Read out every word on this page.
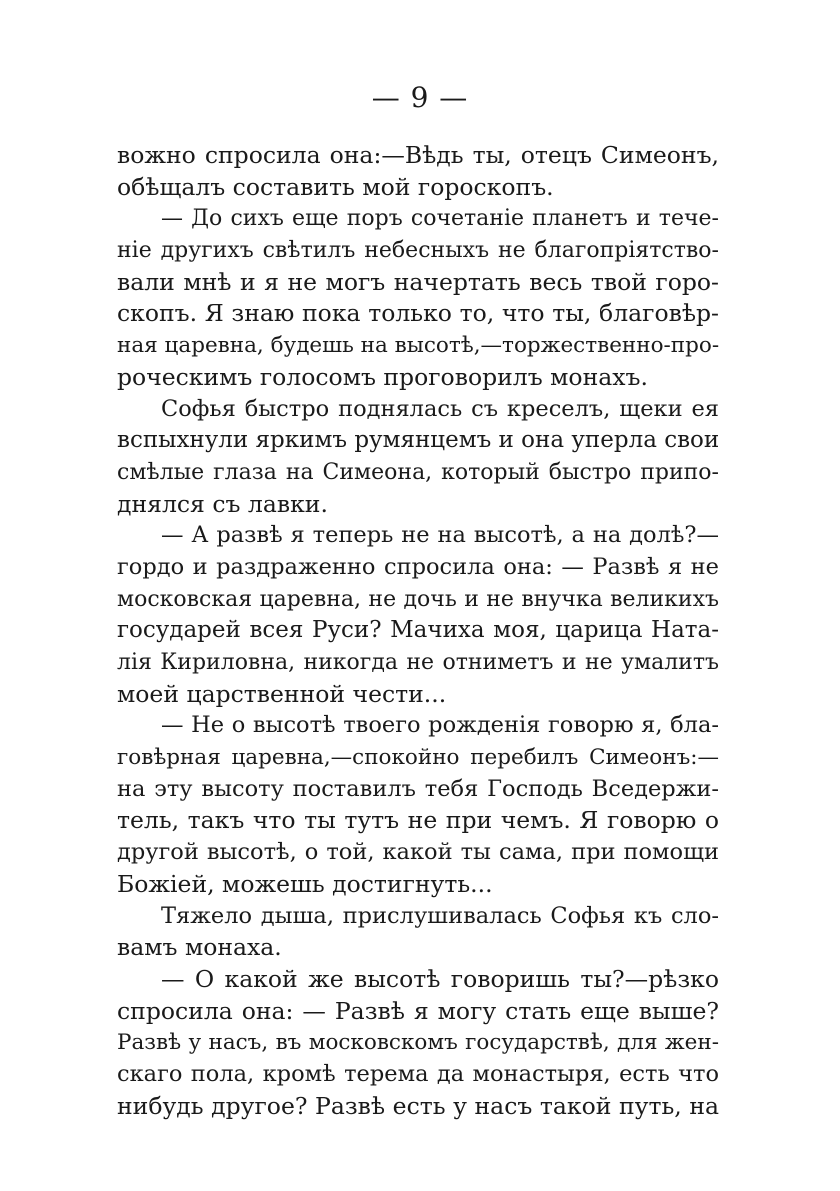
— 9 —
вожно спросила она:—Вѣдь ты, отецъ Симеонъ,
обѣщалъ составить мой гороскопъ.
— До сихъ еще поръ сочетаніе планетъ и тече-
ніе другихъ свѣтилъ небесныхъ не благопріятство-
вали мнѣ и я не могъ начертать весь твой горо-
скопъ. Я знаю пока только то, что ты, благовѣр-
ная царевна, будешь на высотѣ,—торжественно-про-
роческимъ голосомъ проговорилъ монахъ.
Софья быстро поднялась съ креселъ, щеки ея
вспыхнули яркимъ румянцемъ и она уперла свои
смѣлые глаза на Симеона, который быстро припо-
днялся съ лавки.
— А развѣ я теперь не на высотѣ, а на долѣ?—
гордо и раздраженно спросила она: — Развѣ я не
московская царевна, не дочь и не внучка великихъ
государей всея Руси? Мачиха моя, царица Ната-
лія Кириловна, никогда не отниметъ и не умалитъ
моей царственной чести...
— Не о высотѣ твоего рожденія говорю я, бла-
говѣрная царевна,—спокойно перебилъ Симеонъ:—
на эту высоту поставилъ тебя Господь Вседержи-
тель, такъ что ты тутъ не при чемъ. Я говорю о
другой высотѣ, о той, какой ты сама, при помощи
Божіей, можешь достигнуть...
Тяжело дыша, прислушивалась Софья къ сло-
вамъ монаха.
— О какой же высотѣ говоришь ты?—рѣзко
спросила она: — Развѣ я могу стать еще выше?
Развѣ у насъ, въ московскомъ государствѣ, для жен-
скаго пола, кромѣ терема да монастыря, есть что
нибудь другое? Развѣ есть у насъ такой путь, на
